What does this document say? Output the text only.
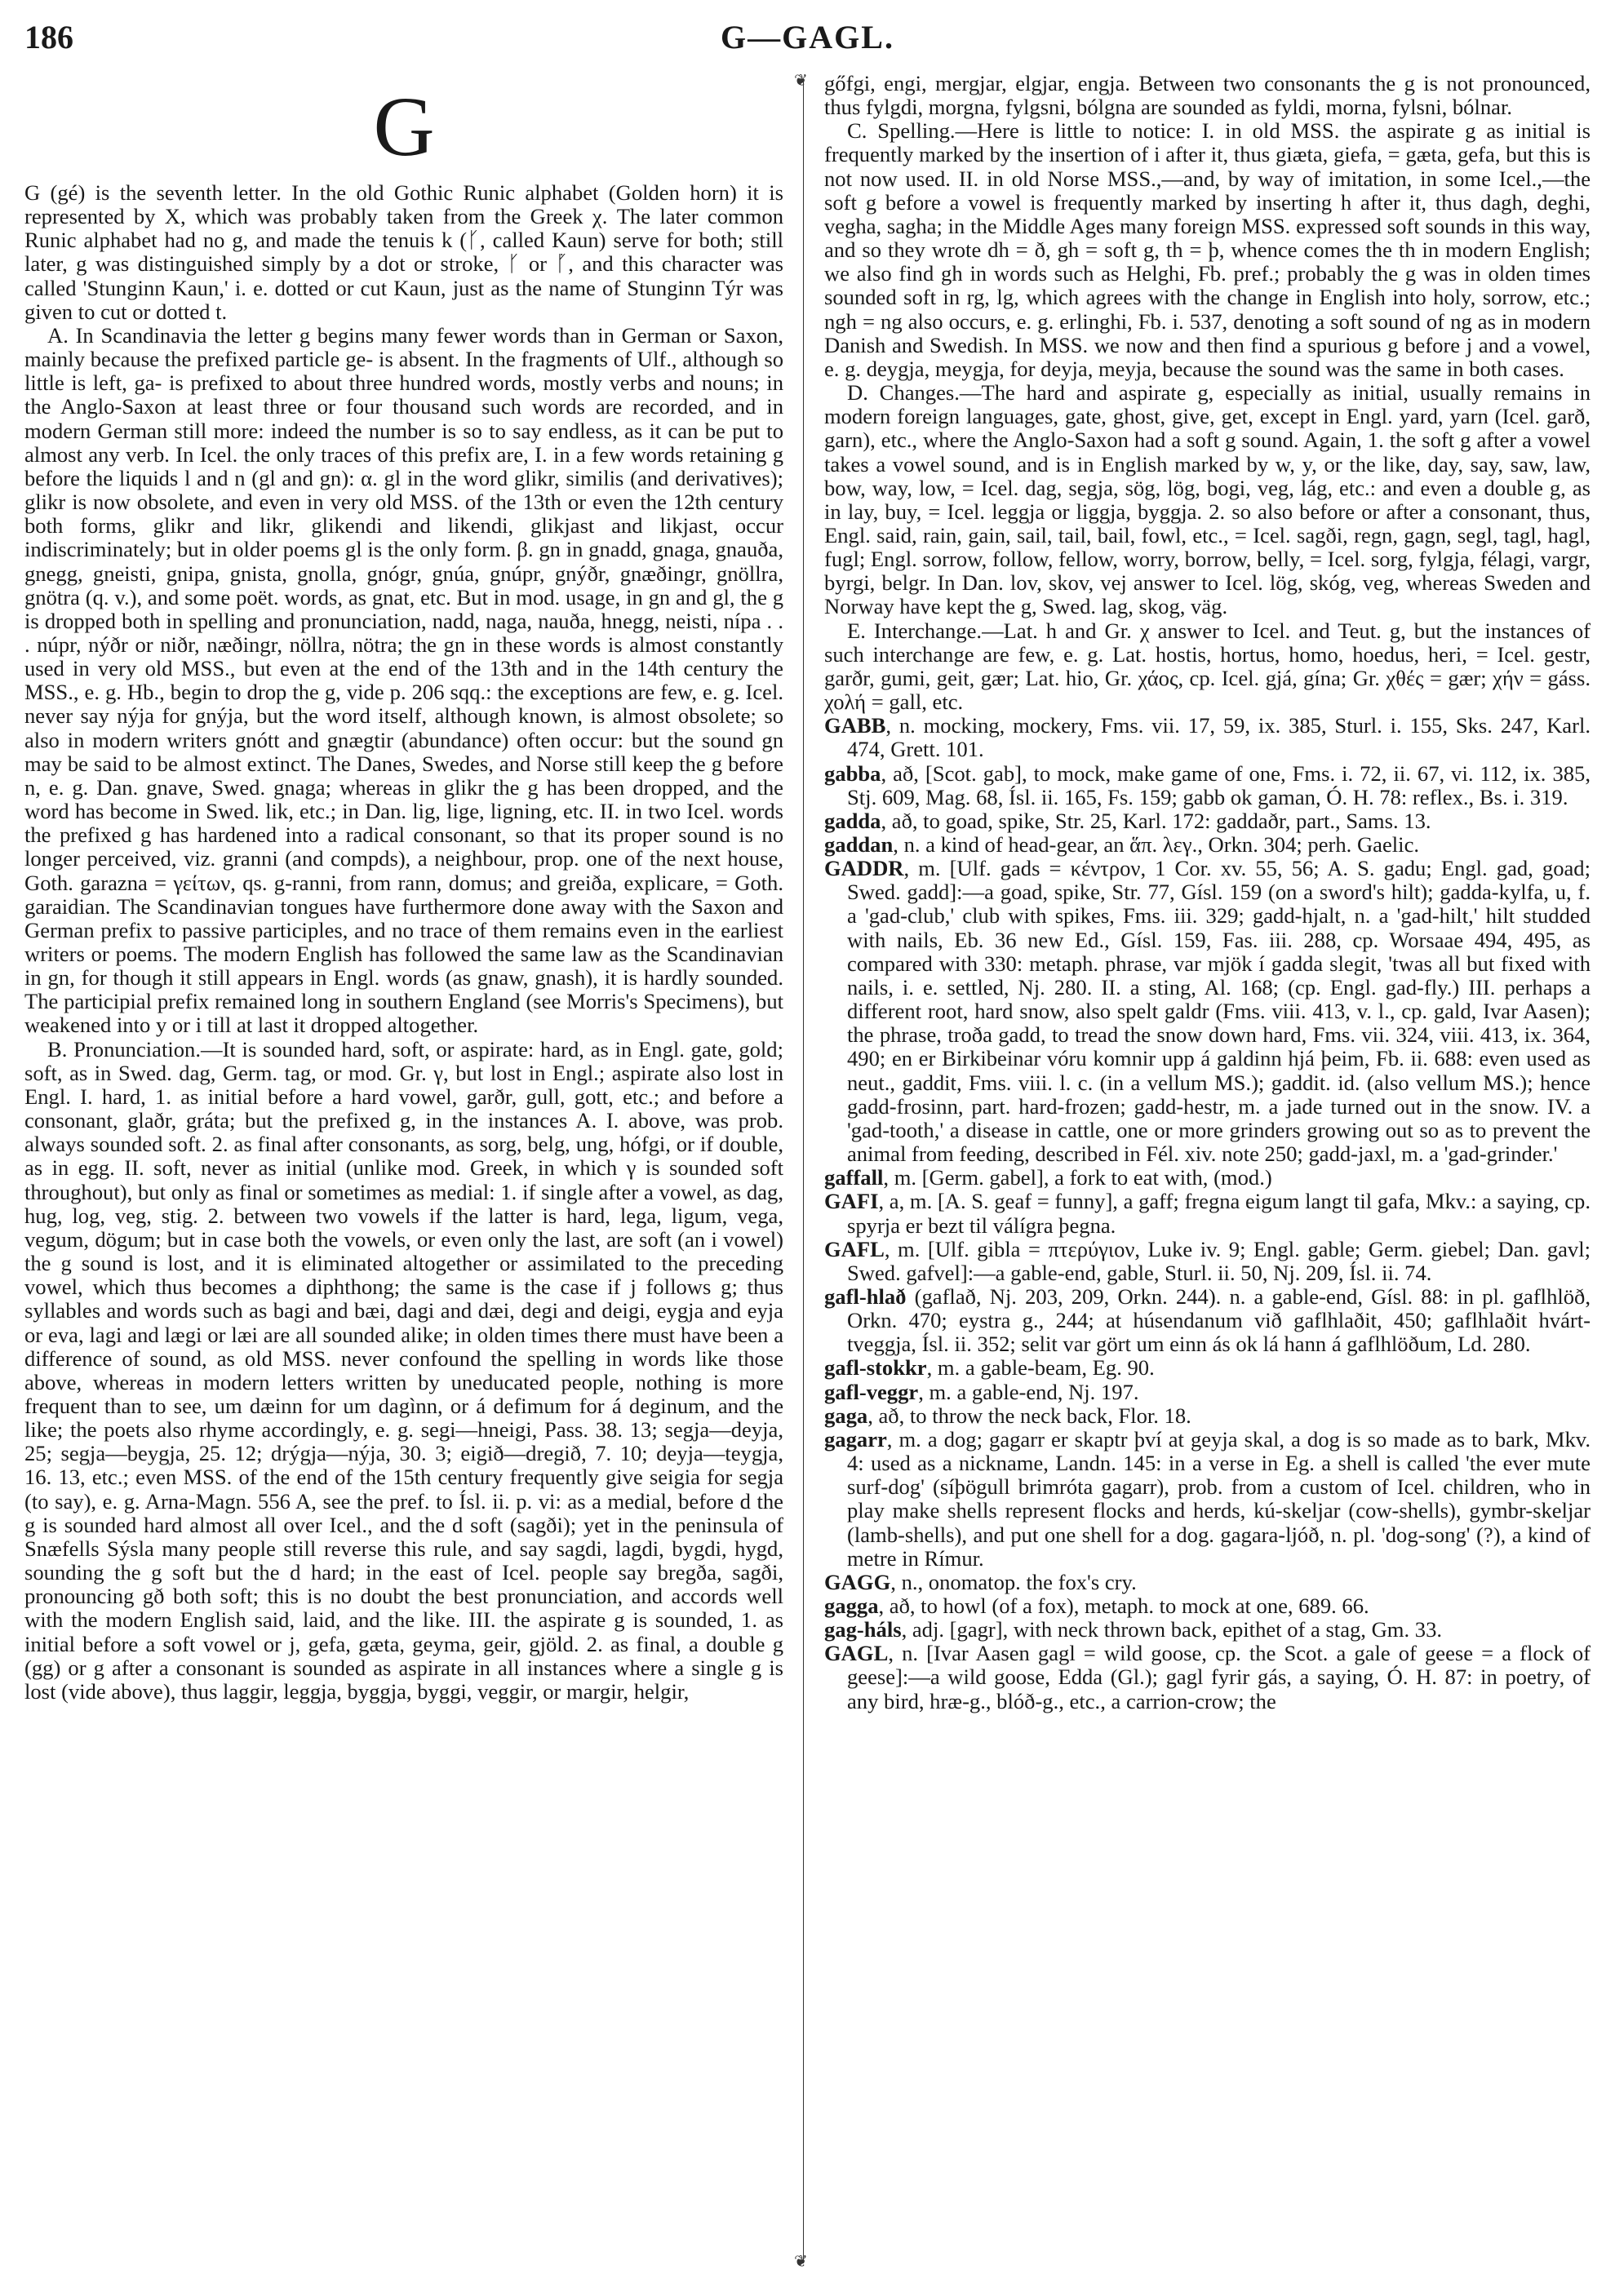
186	G—GAGL.
G

G (gé) is the seventh letter. In the old Gothic Runic alphabet (Golden horn) it is represented by X, which was probably taken from the Greek χ. The later common Runic alphabet had no g, and made the tenuis k (ᚴ, called Kaun) serve for both; still later, g was distinguished simply by a dot or stroke, ᚴ or ᚵ, and this character was called 'Stunginn Kaun,' i. e. dotted or cut Kaun, just as the name of Stunginn Týr was given to cut or dotted t.

A. In Scandinavia the letter g begins many fewer words than in German or Saxon, mainly because the prefixed particle ge- is absent. In the fragments of Ulf., although so little is left, ga- is prefixed to about three hundred words, mostly verbs and nouns; in the Anglo-Saxon at least three or four thousand such words are recorded, and in modern German still more: indeed the number is so to say endless, as it can be put to almost any verb. In Icel. the only traces of this prefix are, I. in a few words retaining g before the liquids l and n (gl and gn): α. gl in the word glikr, similis (and derivatives); glikr is now obsolete, and even in very old MSS. of the 13th or even the 12th century both forms, glikr and likr, glikendi and likendi, glikjast and likjast, occur indiscriminately; but in older poems gl is the only form. β. gn in gnadd, gnaga, gnauða, gnegg, gneisti, gnipa, gnista, gnolla, gnógr, gnúa, gnúpr, gnýðr, gnæðingr, gnöllra, gnötra (q. v.), and some poët. words, as gnat, etc. But in mod. usage, in gn and gl, the g is dropped both in spelling and pronunciation, nadd, naga, nauða, hnegg, neisti, nípa . . . núpr, nýðr or niðr, næðingr, nöllra, nötra; the gn in these words is almost constantly used in very old MSS., but even at the end of the 13th and in the 14th century the MSS., e. g. Hb., begin to drop the g, vide p. 206 sqq.: the exceptions are few, e. g. Icel. never say nýja for gnýja, but the word itself, although known, is almost obsolete; so also in modern writers gnótt and gnægtir (abundance) often occur: but the sound gn may be said to be almost extinct. The Danes, Swedes, and Norse still keep the g before n, e. g. Dan. gnave, Swed. gnaga; whereas in glikr the g has been dropped, and the word has become in Swed. lik, etc.; in Dan. lig, lige, ligning, etc. II. in two Icel. words the prefixed g has hardened into a radical consonant, so that its proper sound is no longer perceived, viz. granni (and compds), a neighbour, prop. one of the next house, Goth. garazna = γείτων, qs. g-ranni, from rann, domus; and greiða, explicare, = Goth. garaidian. The Scandinavian tongues have furthermore done away with the Saxon and German prefix to passive participles, and no trace of them remains even in the earliest writers or poems. The modern English has followed the same law as the Scandinavian in gn, for though it still appears in Engl. words (as gnaw, gnash), it is hardly sounded. The participial prefix remained long in southern England (see Morris's Specimens), but weakened into y or i till at last it dropped altogether.

B. Pronunciation.—It is sounded hard, soft, or aspirate: hard, as in Engl. gate, gold; soft, as in Swed. dag, Germ. tag, or mod. Gr. γ, but lost in Engl.; aspirate also lost in Engl. I. hard, 1. as initial before a hard vowel, garðr, gull, gott, etc.; and before a consonant, glaðr, gráta; but the prefixed g, in the instances A. I. above, was prob. always sounded soft. 2. as final after consonants, as sorg, belg, ung, hófgi, or if double, as in egg. II. soft, never as initial (unlike mod. Greek, in which γ is sounded soft throughout), but only as final or sometimes as medial: 1. if single after a vowel, as dag, hug, log, veg, stig. 2. between two vowels if the latter is hard, lega, ligum, vega, vegum, dögum; but in case both the vowels, or even only the last, are soft (an i vowel) the g sound is lost, and it is eliminated altogether or assimilated to the preceding vowel, which thus becomes a diphthong; the same is the case if j follows g; thus syllables and words such as bagi and bæi, dagi and dæi, degi and deigi, eygja and eyja or eva, lagi and lægi or læi are all sounded alike; in olden times there must have been a difference of sound, as old MSS. never confound the spelling in words like those above, whereas in modern letters written by uneducated people, nothing is more frequent than to see, um dæinn for um dagìnn, or á defimum for á deginum, and the like; the poets also rhyme accordingly, e. g. segi—hneigi, Pass. 38. 13; segja—deyja, 25; segja—beygja, 25. 12; drýgja—nýja, 30. 3; eigið—dregið, 7. 10; deyja—teygja, 16. 13, etc.; even MSS. of the end of the 15th century frequently give seigia for segja (to say), e. g. Arna-Magn. 556 A, see the pref. to Ísl. ii. p. vi: as a medial, before d the g is sounded hard almost all over Icel., and the d soft (sagði); yet in the peninsula of Snæfells Sýsla many people still reverse this rule, and say sagdi, lagdi, bygdi, hygd, sounding the g soft but the d hard; in the east of Icel. people say bregða, sagði, pronouncing gð both soft; this is no doubt the best pronunciation, and accords well with the modern English said, laid, and the like. III. the aspirate g is sounded, 1. as initial before a soft vowel or j, gefa, gæta, geyma, geir, gjöld. 2. as final, a double g (gg) or g after a consonant is sounded as aspirate in all instances where a single g is lost (vide above), thus laggir, leggja, byggja, byggi, veggir, or margir, helgir,

❦ ❦

gőfgi, engi, mergjar, elgjar, engja. Between two consonants the g is not pronounced, thus fylgdi, morgna, fylgsni, bólgna are sounded as fyldi, morna, fylsni, bólnar.

C. Spelling.—Here is little to notice: I. in old MSS. the aspirate g as initial is frequently marked by the insertion of i after it, thus giæta, giefa, = gæta, gefa, but this is not now used. II. in old Norse MSS.,—and, by way of imitation, in some Icel.,—the soft g before a vowel is frequently marked by inserting h after it, thus dagh, deghi, vegha, sagha; in the Middle Ages many foreign MSS. expressed soft sounds in this way, and so they wrote dh = ð, gh = soft g, th = þ, whence comes the th in modern English; we also find gh in words such as Helghi, Fb. pref.; probably the g was in olden times sounded soft in rg, lg, which agrees with the change in English into holy, sorrow, etc.; ngh = ng also occurs, e. g. erlinghi, Fb. i. 537, denoting a soft sound of ng as in modern Danish and Swedish. In MSS. we now and then find a spurious g before j and a vowel, e. g. deygja, meygja, for deyja, meyja, because the sound was the same in both cases.

D. Changes.—The hard and aspirate g, especially as initial, usually remains in modern foreign languages, gate, ghost, give, get, except in Engl. yard, yarn (Icel. garð, garn), etc., where the Anglo-Saxon had a soft g sound. Again, 1. the soft g after a vowel takes a vowel sound, and is in English marked by w, y, or the like, day, say, saw, law, bow, way, low, = Icel. dag, segja, sög, lög, bogi, veg, lág, etc.: and even a double g, as in lay, buy, = Icel. leggja or liggja, byggja. 2. so also before or after a consonant, thus, Engl. said, rain, gain, sail, tail, bail, fowl, etc., = Icel. sagði, regn, gagn, segl, tagl, hagl, fugl; Engl. sorrow, follow, fellow, worry, borrow, belly, = Icel. sorg, fylgja, félagi, vargr, byrgi, belgr. In Dan. lov, skov, vej answer to Icel. lög, skóg, veg, whereas Sweden and Norway have kept the g, Swed. lag, skog, väg.

E. Interchange.—Lat. h and Gr. χ answer to Icel. and Teut. g, but the instances of such interchange are few, e. g. Lat. hostis, hortus, homo, hoedus, heri, = Icel. gestr, garðr, gumi, geit, gær; Lat. hio, Gr. χάος, cp. Icel. gjá, gína; Gr. χθές = gær; χήν = gáss. χολή = gall, etc.

GABB, n. mocking, mockery, Fms. vii. 17, 59, ix. 385, Sturl. i. 155, Sks. 247, Karl. 474, Grett. 101.

gabba, að, [Scot. gab], to mock, make game of one, Fms. i. 72, ii. 67, vi. 112, ix. 385, Stj. 609, Mag. 68, Ísl. ii. 165, Fs. 159; gabb ok gaman, Ó. H. 78: reflex., Bs. i. 319.

gadda, að, to goad, spike, Str. 25, Karl. 172: gaddaðr, part., Sams. 13.

gaddan, n. a kind of head-gear, an ἅπ. λεγ., Orkn. 304; perh. Gaelic.

GADDR, m. [Ulf. gads = κέντρον, 1 Cor. xv. 55, 56; A. S. gadu; Engl. gad, goad; Swed. gadd]:—a goad, spike, Str. 77, Gísl. 159 (on a sword's hilt); gadda-kylfa, u, f. a 'gad-club,' club with spikes, Fms. iii. 329; gadd-hjalt, n. a 'gad-hilt,' hilt studded with nails, Eb. 36 new Ed., Gísl. 159, Fas. iii. 288, cp. Worsaae 494, 495, as compared with 330: metaph. phrase, var mjök í gadda slegit, 'twas all but fixed with nails, i. e. settled, Nj. 280. II. a sting, Al. 168; (cp. Engl. gad-fly.) III. perhaps a different root, hard snow, also spelt galdr (Fms. viii. 413, v. l., cp. gald, Ivar Aasen); the phrase, troða gadd, to tread the snow down hard, Fms. vii. 324, viii. 413, ix. 364, 490; en er Birkibeinar vóru komnir upp á galdinn hjá þeim, Fb. ii. 688: even used as neut., gaddit, Fms. viii. l. c. (in a vellum MS.); gaddit. id. (also vellum MS.); hence gadd-frosinn, part. hard-frozen; gadd-hestr, m. a jade turned out in the snow. IV. a 'gad-tooth,' a disease in cattle, one or more grinders growing out so as to prevent the animal from feeding, described in Fél. xiv. note 250; gadd-jaxl, m. a 'gad-grinder.'

gaffall, m. [Germ. gabel], a fork to eat with, (mod.)

GAFI, a, m. [A. S. geaf = funny], a gaff; fregna eigum langt til gafa, Mkv.: a saying, cp. spyrja er bezt til válígra þegna.

GAFL, m. [Ulf. gibla = πτερύγιον, Luke iv. 9; Engl. gable; Germ. giebel; Dan. gavl; Swed. gafvel]:—a gable-end, gable, Sturl. ii. 50, Nj. 209, Ísl. ii. 74.

gafl-hlað (gaflað, Nj. 203, 209, Orkn. 244). n. a gable-end, Gísl. 88: in pl. gaflhlöð, Orkn. 470; eystra g., 244; at húsendanum við gaflhlaðit, 450; gaflhlaðit hvárt-tveggja, Ísl. ii. 352; selit var gört um einn ás ok lá hann á gaflhlöðum, Ld. 280.

gafl-stokkr, m. a gable-beam, Eg. 90.

gafl-veggr, m. a gable-end, Nj. 197.

gaga, að, to throw the neck back, Flor. 18.

gagarr, m. a dog; gagarr er skaptr því at geyja skal, a dog is so made as to bark, Mkv. 4: used as a nickname, Landn. 145: in a verse in Eg. a shell is called 'the ever mute surf-dog' (síþögull brimróta gagarr), prob. from a custom of Icel. children, who in play make shells represent flocks and herds, kú-skeljar (cow-shells), gymbr-skeljar (lamb-shells), and put one shell for a dog. gagara-ljóð, n. pl. 'dog-song' (?), a kind of metre in Rímur.

GAGG, n., onomatop. the fox's cry.

gagga, að, to howl (of a fox), metaph. to mock at one, 689. 66.

gag-háls, adj. [gagr], with neck thrown back, epithet of a stag, Gm. 33.

GAGL, n. [Ivar Aasen gagl = wild goose, cp. the Scot. a gale of geese = a flock of geese]:—a wild goose, Edda (Gl.); gagl fyrir gás, a saying, Ó. H. 87: in poetry, of any bird, hræ-g., blóð-g., etc., a carrion-crow; the
